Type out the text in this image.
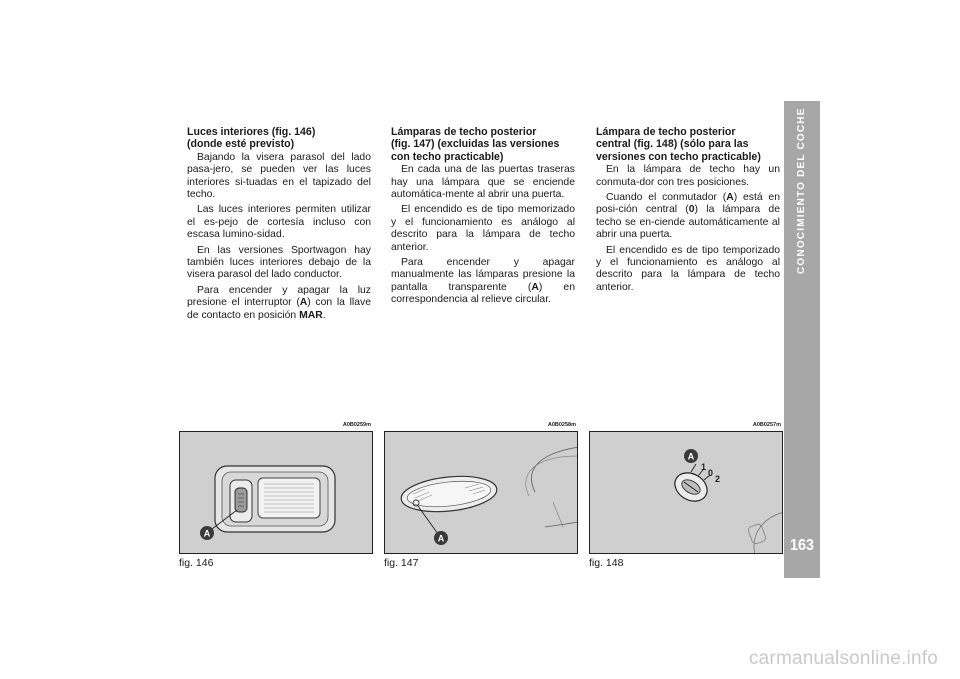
CONOCIMIENTO DEL COCHE
163
Luces interiores (fig. 146)
(donde esté previsto)

Bajando la visera parasol del lado pasa-jero, se pueden ver las luces interiores si-tuadas en el tapizado del techo.

Las luces interiores permiten utilizar el es-pejo de cortesía incluso con escasa lumino-sidad.

En las versiones Sportwagon hay también luces interiores debajo de la visera parasol del lado conductor.

Para encender y apagar la luz presione el interruptor (A) con la llave de contacto en posición MAR.

Lámparas de techo posterior
(fig. 147) (excluidas las versiones con techo practicable)

En cada una de las puertas traseras hay una lámpara que se enciende automática-mente al abrir una puerta.

El encendido es de tipo memorizado y el funcionamiento es análogo al descrito para la lámpara de techo anterior.

Para encender y apagar manualmente las lámparas presione la pantalla transparente (A) en correspondencia al relieve circular.

Lámpara de techo posterior
central (fig. 148) (sólo para las versiones con techo practicable)

En la lámpara de techo hay un conmuta-dor con tres posiciones.

Cuando el conmutador (A) está en posi-ción central (0) la lámpara de techo se en-ciende automáticamente al abrir una puerta.

El encendido es de tipo temporizado y el funcionamiento es análogo al descrito para la lámpara de techo anterior.

A0B0259m
A
fig. 146
A0B0258m
A
fig. 147
A0B0257m
A
1
0
2
fig. 148
carmanualsonline.info
